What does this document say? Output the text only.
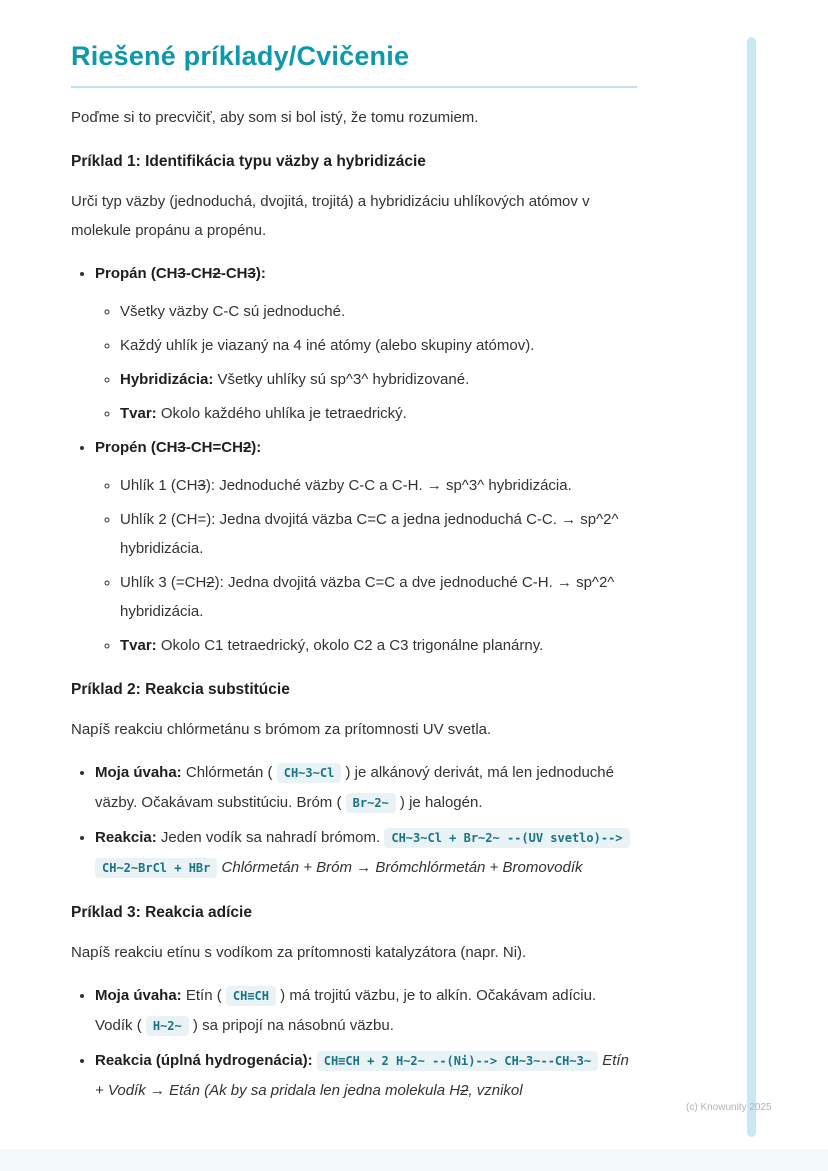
Riešené príklady/Cvičenie

Poďme si to precvičiť, aby som si bol istý, že tomu rozumiem.

Príklad 1: Identifikácia typu väzby a hybridizácie

Urči typ väzby (jednoduchá, dvojitá, trojitá) a hybridizáciu uhlíkových atómov v molekule propánu a propénu.

• Propán (CH3-CH2-CH3):
◦ Všetky väzby C-C sú jednoduché.
◦ Každý uhlík je viazaný na 4 iné atómy (alebo skupiny atómov).
◦ Hybridizácia: Všetky uhlíky sú sp^3^ hybridizované.
◦ Tvar: Okolo každého uhlíka je tetraedrický.
• Propén (CH3-CH=CH2):
◦ Uhlík 1 (CH3): Jednoduché väzby C-C a C-H. → sp^3^ hybridizácia.
◦ Uhlík 2 (CH=): Jedna dvojitá väzba C=C a jedna jednoduchá C-C. → sp^2^ hybridizácia.
◦ Uhlík 3 (=CH2): Jedna dvojitá väzba C=C a dve jednoduché C-H. → sp^2^ hybridizácia.
◦ Tvar: Okolo C1 tetraedrický, okolo C2 a C3 trigonálne planárny.
Príklad 2: Reakcia substitúcie

Napíš reakciu chlórmetánu s brómom za prítomnosti UV svetla.

• Moja úvaha: Chlórmetán ( CH~3~Cl ) je alkánový derivát, má len jednoduché väzby. Očakávam substitúciu. Bróm ( Br~2~ ) je halogén.
• Reakcia: Jeden vodík sa nahradí brómom. CH~3~Cl + Br~2~ --(UV svetlo)--> CH~2~BrCl + HBr Chlórmetán + Bróm → Brómchlórmetán + Bromovodík
Príklad 3: Reakcia adície

Napíš reakciu etínu s vodíkom za prítomnosti katalyzátora (napr. Ni).

• Moja úvaha: Etín ( CH≡CH ) má trojitú väzbu, je to alkín. Očakávam adíciu. Vodík ( H~2~ ) sa pripojí na násobnú väzbu.
• Reakcia (úplná hydrogenácia): CH≡CH + 2 H~2~ --(Ni)--> CH~3~--CH~3~ Etín + Vodík → Etán (Ak by sa pridala len jedna molekula H2, vznikol
(c) Knowunity 2025
